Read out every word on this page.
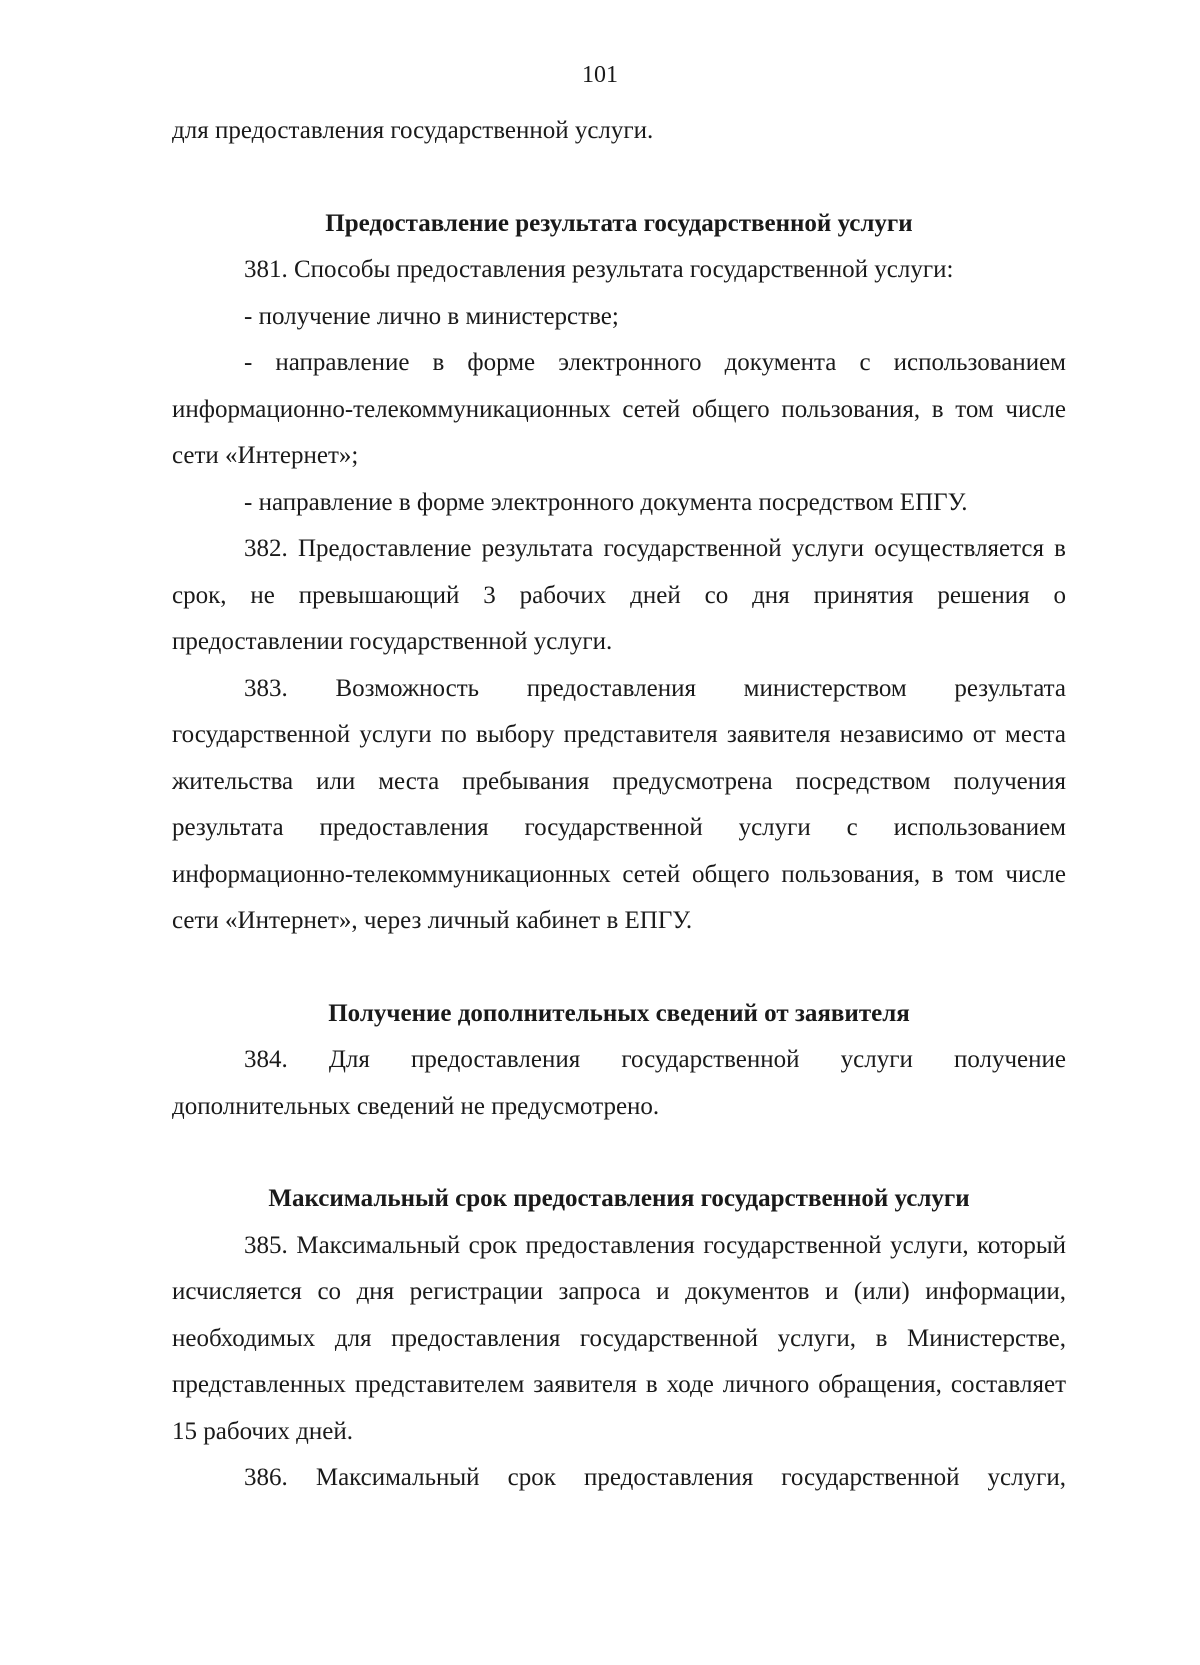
101

для предоставления государственной услуги.

Предоставление результата государственной услуги

381. Способы предоставления результата государственной услуги:

- получение лично в министерстве;

- направление в форме электронного документа с использованием информационно-телекоммуникационных сетей общего пользования, в том числе сети «Интернет»;

- направление в форме электронного документа посредством ЕПГУ.

382. Предоставление результата государственной услуги осуществляется в срок, не превышающий 3 рабочих дней со дня принятия решения о предоставлении государственной услуги.

383. Возможность предоставления министерством результата государственной услуги по выбору представителя заявителя независимо от места жительства или места пребывания предусмотрена посредством получения результата предоставления государственной услуги с использованием информационно-телекоммуникационных сетей общего пользования, в том числе сети «Интернет», через личный кабинет в ЕПГУ.

Получение дополнительных сведений от заявителя

384. Для предоставления государственной услуги получение дополнительных сведений не предусмотрено.

Максимальный срок предоставления государственной услуги

385. Максимальный срок предоставления государственной услуги, который исчисляется со дня регистрации запроса и документов и (или) информации, необходимых для предоставления государственной услуги, в Министерстве, представленных представителем заявителя в ходе личного обращения, составляет 15 рабочих дней.

386. Максимальный срок предоставления государственной услуги,
